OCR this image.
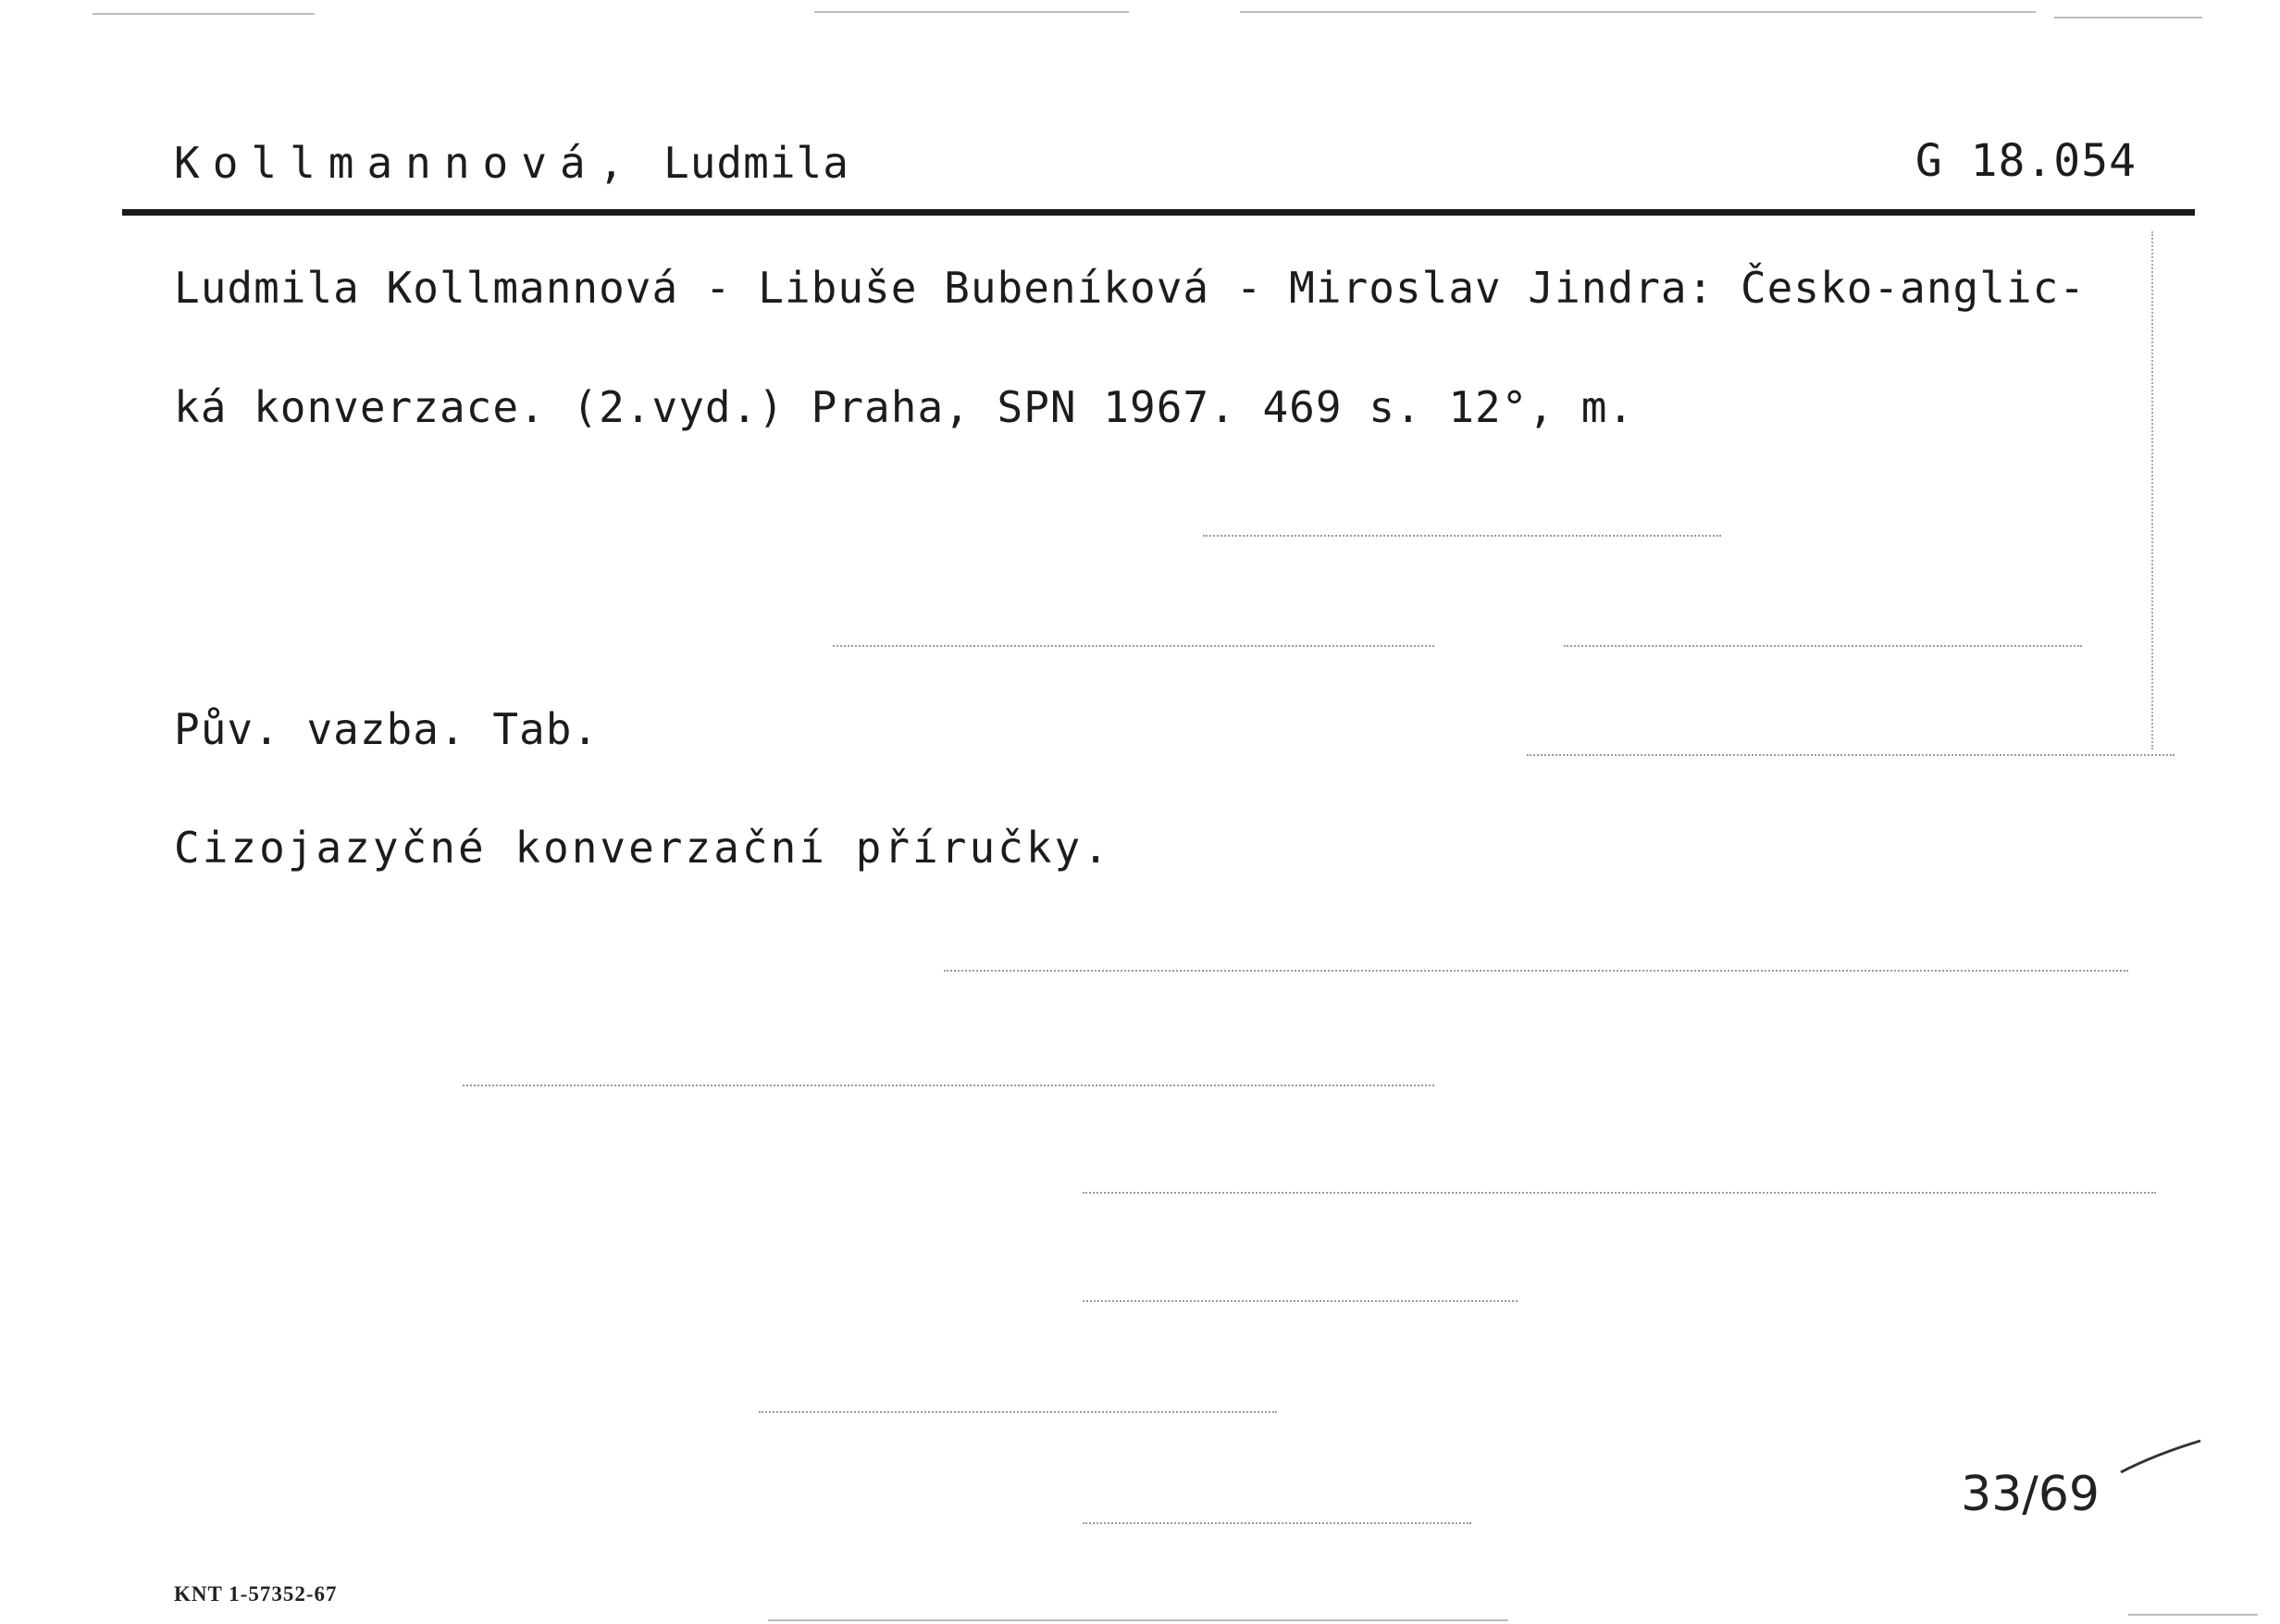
Kollmannová, Ludmila	G 18.054
Ludmila Kollmannová - Libuše Bubeníková - Miroslav Jindra: Česko-anglic-
ká konverzace. (2.vyd.) Praha, SPN 1967. 469 s. 12°, m.
Pův. vazba. Tab.
Cizojazyčné konverzační příručky.
33/69
KNT 1-57352-67
